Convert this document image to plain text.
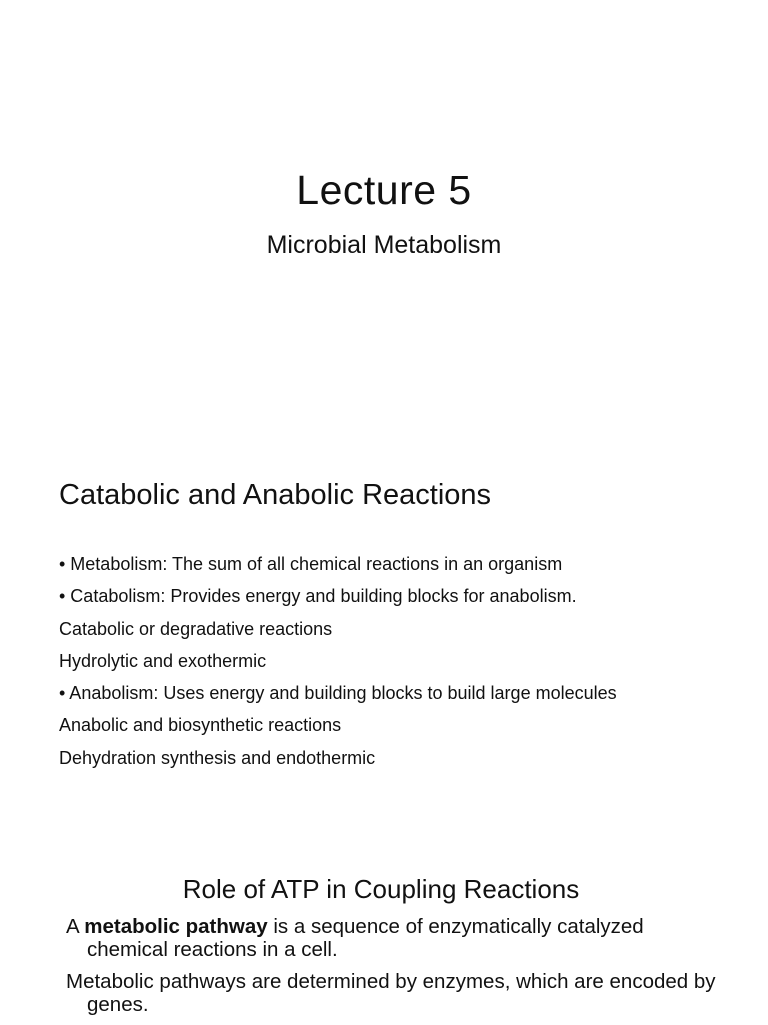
Lecture 5
Microbial Metabolism
Catabolic and Anabolic Reactions
• Metabolism: The sum of all chemical reactions in an organism
• Catabolism: Provides energy and building blocks for anabolism.
Catabolic or degradative reactions
Hydrolytic and exothermic
• Anabolism: Uses energy and building blocks to build large molecules
Anabolic and biosynthetic reactions
Dehydration synthesis and endothermic
Role of ATP in Coupling Reactions

A metabolic pathway is a sequence of enzymatically catalyzed chemical reactions in a cell.

Metabolic pathways are determined by enzymes, which are encoded by genes.
